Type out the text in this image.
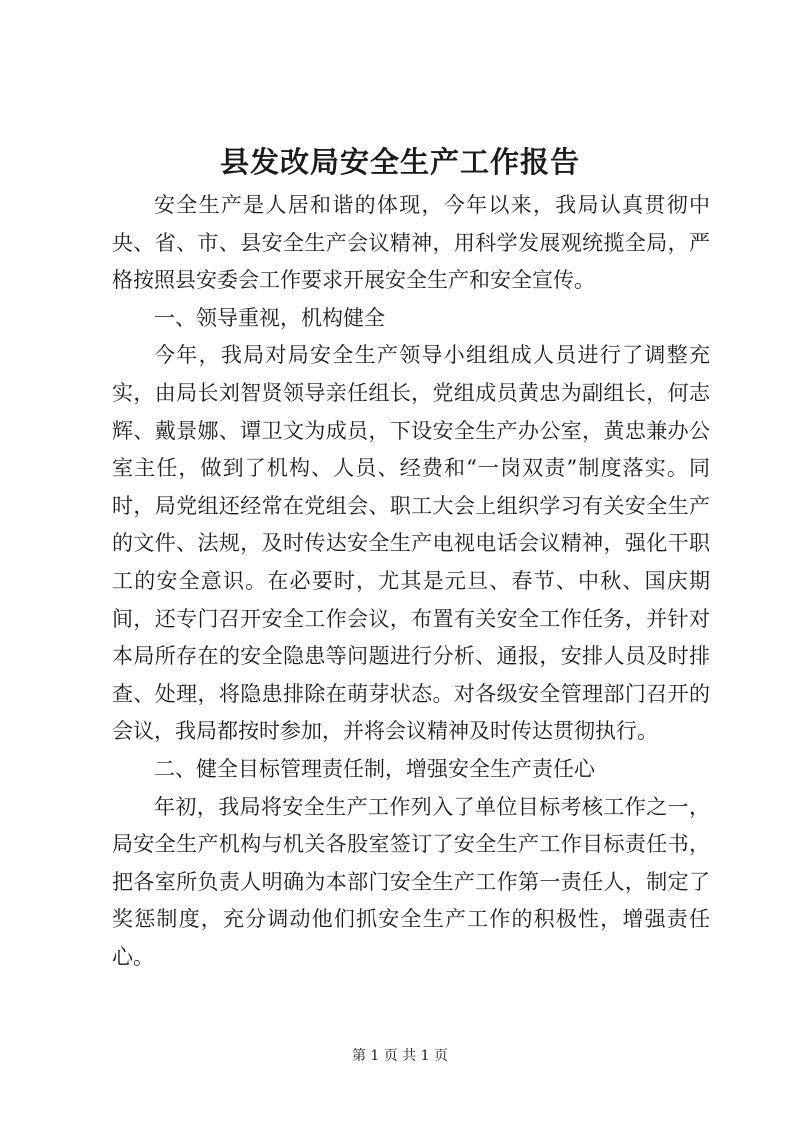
县发改局安全生产工作报告

安全生产是人居和谐的体现，今年以来，我局认真贯彻中央、省、市、县安全生产会议精神，用科学发展观统揽全局，严格按照县安委会工作要求开展安全生产和安全宣传。

一、领导重视，机构健全

今年，我局对局安全生产领导小组组成人员进行了调整充实，由局长刘智贤领导亲任组长，党组成员黄忠为副组长，何志辉、戴景娜、谭卫文为成员，下设安全生产办公室，黄忠兼办公室主任，做到了机构、人员、经费和“一岗双责”制度落实。同时，局党组还经常在党组会、职工大会上组织学习有关安全生产的文件、法规，及时传达安全生产电视电话会议精神，强化干职工的安全意识。在必要时，尤其是元旦、春节、中秋、国庆期间，还专门召开安全工作会议，布置有关安全工作任务，并针对本局所存在的安全隐患等问题进行分析、通报，安排人员及时排查、处理，将隐患排除在萌芽状态。对各级安全管理部门召开的会议，我局都按时参加，并将会议精神及时传达贯彻执行。

二、健全目标管理责任制，增强安全生产责任心

年初，我局将安全生产工作列入了单位目标考核工作之一，局安全生产机构与机关各股室签订了安全生产工作目标责任书，把各室所负责人明确为本部门安全生产工作第一责任人，制定了奖惩制度，充分调动他们抓安全生产工作的积极性，增强责任心。

第 1 页 共 1 页
